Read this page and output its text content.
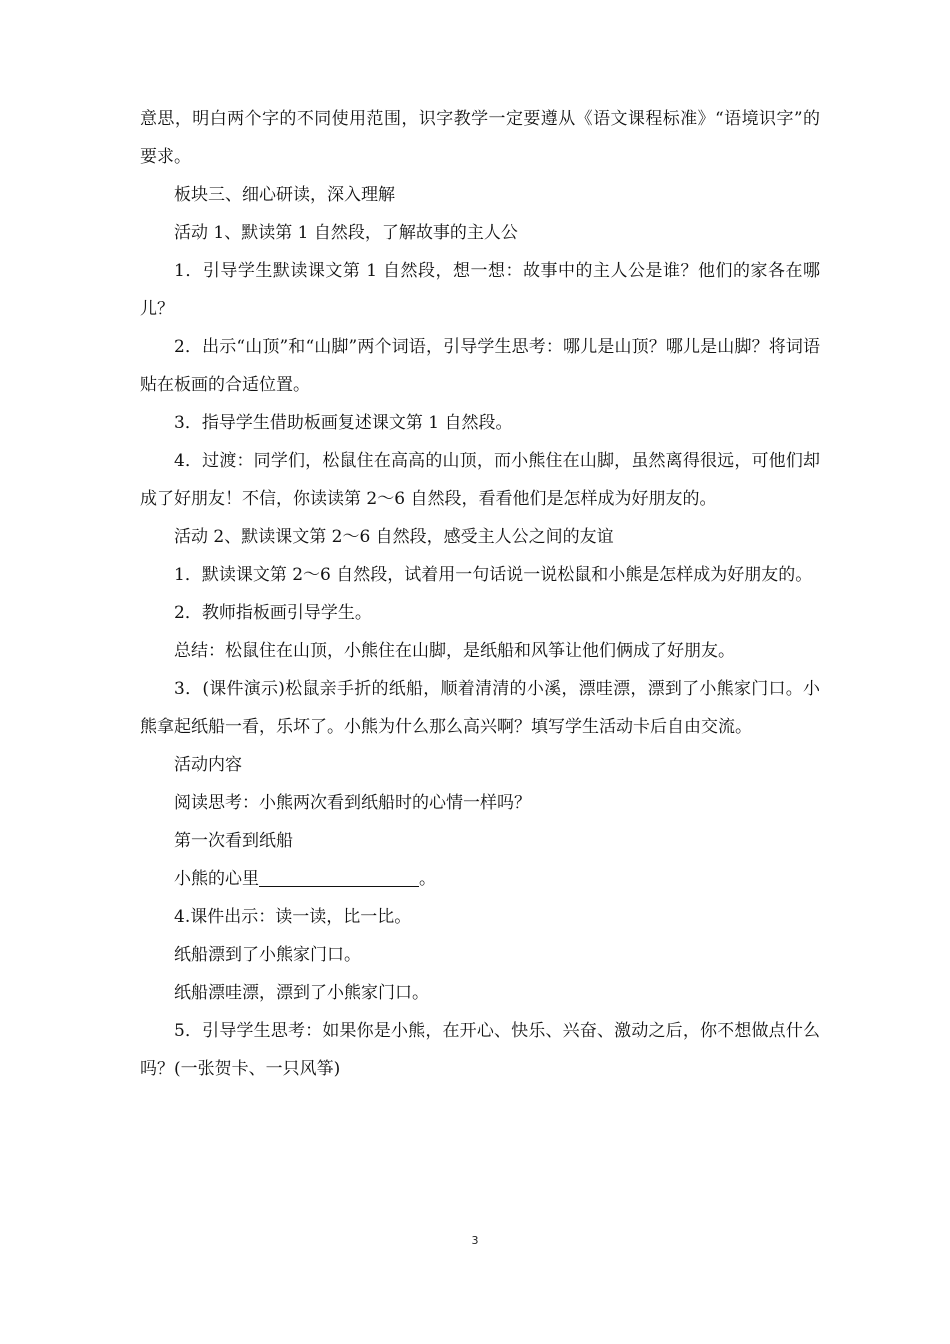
意思，明白两个字的不同使用范围，识字教学一定要遵从《语文课程标准》“语境识字”的要求。

板块三、细心研读，深入理解

活动 1、默读第 1 自然段，了解故事的主人公

1．引导学生默读课文第 1 自然段，想一想：故事中的主人公是谁？他们的家各在哪儿？

2．出示“山顶”和“山脚”两个词语，引导学生思考：哪儿是山顶？哪儿是山脚？将词语贴在板画的合适位置。

3．指导学生借助板画复述课文第 1 自然段。

4．过渡：同学们，松鼠住在高高的山顶，而小熊住在山脚，虽然离得很远，可他们却成了好朋友！不信，你读读第 2～6 自然段，看看他们是怎样成为好朋友的。

活动 2、默读课文第 2～6 自然段，感受主人公之间的友谊

1．默读课文第 2～6 自然段，试着用一句话说一说松鼠和小熊是怎样成为好朋友的。

2．教师指板画引导学生。

总结：松鼠住在山顶，小熊住在山脚，是纸船和风筝让他们俩成了好朋友。

3．(课件演示)松鼠亲手折的纸船，顺着清清的小溪，漂哇漂，漂到了小熊家门口。小熊拿起纸船一看，乐坏了。小熊为什么那么高兴啊？填写学生活动卡后自由交流。

活动内容

阅读思考：小熊两次看到纸船时的心情一样吗？

第一次看到纸船

小熊的心里	。

4.课件出示：读一读，比一比。

纸船漂到了小熊家门口。

纸船漂哇漂，漂到了小熊家门口。

5．引导学生思考：如果你是小熊，在开心、快乐、兴奋、激动之后，你不想做点什么吗？(一张贺卡、一只风筝)

3
